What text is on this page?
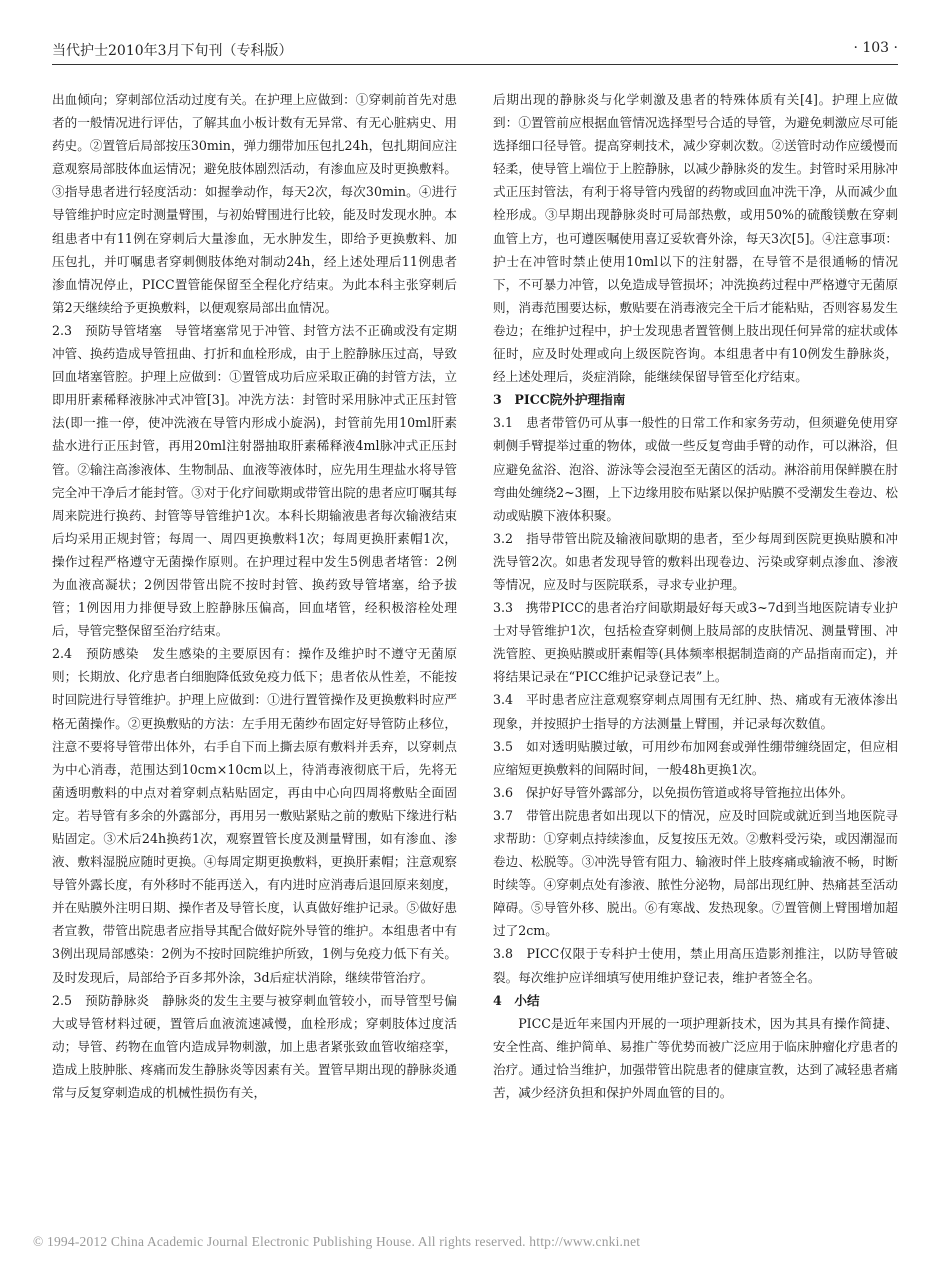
当代护士2010年3月下旬刊（专科版）	· 103 ·

出血倾向；穿刺部位活动过度有关。在护理上应做到：①穿刺前首先对患者的一般情况进行评估，了解其血小板计数有无异常、有无心脏病史、用药史。②置管后局部按压30min，弹力绷带加压包扎24h，包扎期间应注意观察局部肢体血运情况；避免肢体剧烈活动，有渗血应及时更换敷料。③指导患者进行轻度活动：如握拳动作，每天2次，每次30min。④进行导管维护时应定时测量臂围，与初始臂围进行比较，能及时发现水肿。本组患者中有11例在穿刺后大量渗血，无水肿发生，即给予更换敷料、加压包扎，并叮嘱患者穿刺侧肢体绝对制动24h，经上述处理后11例患者渗血情况停止，PICC置管能保留至全程化疗结束。为此本科主张穿刺后第2天继续给予更换敷料，以便观察局部出血情况。

2.3　预防导管堵塞　导管堵塞常见于冲管、封管方法不正确或没有定期冲管、换药造成导管扭曲、打折和血栓形成，由于上腔静脉压过高，导致回血堵塞管腔。护理上应做到：①置管成功后应采取正确的封管方法，立即用肝素稀释液脉冲式冲管[3]。冲洗方法：封管时采用脉冲式正压封管法(即一推一停，使冲洗液在导管内形成小旋涡)，封管前先用10ml肝素盐水进行正压封管，再用20ml注射器抽取肝素稀释液4ml脉冲式正压封管。②输注高渗液体、生物制品、血液等液体时，应先用生理盐水将导管完全冲干净后才能封管。③对于化疗间歇期或带管出院的患者应叮嘱其每周来院进行换药、封管等导管维护1次。本科长期输液患者每次输液结束后均采用正规封管；每周一、周四更换敷料1次；每周更换肝素帽1次，操作过程严格遵守无菌操作原则。在护理过程中发生5例患者堵管：2例为血液高凝状；2例因带管出院不按时封管、换药致导管堵塞，给予拔管；1例因用力排便导致上腔静脉压偏高，回血堵管，经积极溶栓处理后，导管完整保留至治疗结束。

2.4　预防感染　发生感染的主要原因有：操作及维护时不遵守无菌原则；长期放、化疗患者白细胞降低致免疫力低下；患者依从性差，不能按时回院进行导管维护。护理上应做到：①进行置管操作及更换敷料时应严格无菌操作。②更换敷贴的方法：左手用无菌纱布固定好导管防止移位，注意不要将导管带出体外，右手自下而上撕去原有敷料并丢弃，以穿刺点为中心消毒，范围达到10cm×10cm以上，待消毒液彻底干后，先将无菌透明敷料的中点对着穿刺点粘贴固定，再由中心向四周将敷贴全面固定。若导管有多余的外露部分，再用另一敷贴紧贴之前的敷贴下缘进行粘贴固定。③术后24h换药1次，观察置管长度及测量臂围，如有渗血、渗液、敷料湿脱应随时更换。④每周定期更换敷料，更换肝素帽；注意观察导管外露长度，有外移时不能再送入，有内进时应消毒后退回原来刻度，并在贴膜外注明日期、操作者及导管长度，认真做好维护记录。⑤做好患者宣教，带管出院患者应指导其配合做好院外导管的维护。本组患者中有3例出现局部感染：2例为不按时回院维护所致，1例与免疫力低下有关。及时发现后，局部给予百多邦外涂，3d后症状消除，继续带管治疗。

2.5　预防静脉炎　静脉炎的发生主要与被穿刺血管较小，而导管型号偏大或导管材料过硬，置管后血液流速减慢，血栓形成；穿刺肢体过度活动；导管、药物在血管内造成异物刺激，加上患者紧张致血管收缩痉挛，造成上肢肿胀、疼痛而发生静脉炎等因素有关。置管早期出现的静脉炎通常与反复穿刺造成的机械性损伤有关，

后期出现的静脉炎与化学刺激及患者的特殊体质有关[4]。护理上应做到：①置管前应根据血管情况选择型号合适的导管，为避免刺激应尽可能选择细口径导管。提高穿刺技术，减少穿刺次数。②送管时动作应缓慢而轻柔，使导管上端位于上腔静脉，以减少静脉炎的发生。封管时采用脉冲式正压封管法，有利于将导管内残留的药物或回血冲洗干净，从而减少血栓形成。③早期出现静脉炎时可局部热敷，或用50%的硫酸镁敷在穿刺血管上方，也可遵医嘱使用喜辽妥软膏外涂，每天3次[5]。④注意事项：护士在冲管时禁止使用10ml以下的注射器，在导管不是很通畅的情况下，不可暴力冲管，以免造成导管损坏；冲洗换药过程中严格遵守无菌原则，消毒范围要达标，敷贴要在消毒液完全干后才能粘贴，否则容易发生卷边；在维护过程中，护士发现患者置管侧上肢出现任何异常的症状或体征时，应及时处理或向上级医院咨询。本组患者中有10例发生静脉炎，经上述处理后，炎症消除，能继续保留导管至化疗结束。

3　PICC院外护理指南

3.1　患者带管仍可从事一般性的日常工作和家务劳动，但须避免使用穿刺侧手臂提举过重的物体，或做一些反复弯曲手臂的动作，可以淋浴，但应避免盆浴、泡浴、游泳等会浸泡至无菌区的活动。淋浴前用保鲜膜在肘弯曲处缠绕2~3圈，上下边缘用胶布贴紧以保护贴膜不受潮发生卷边、松动或贴膜下液体积聚。

3.2　指导带管出院及输液间歇期的患者，至少每周到医院更换贴膜和冲洗导管2次。如患者发现导管的敷料出现卷边、污染或穿刺点渗血、渗液等情况，应及时与医院联系，寻求专业护理。

3.3　携带PICC的患者治疗间歇期最好每天或3~7d到当地医院请专业护士对导管维护1次，包括检查穿刺侧上肢局部的皮肤情况、测量臂围、冲洗管腔、更换贴膜或肝素帽等(具体频率根据制造商的产品指南而定)，并将结果记录在“PICC维护记录登记表”上。

3.4　平时患者应注意观察穿刺点周围有无红肿、热、痛或有无液体渗出现象，并按照护士指导的方法测量上臂围，并记录每次数值。

3.5　如对透明贴膜过敏，可用纱布加网套或弹性绷带缠绕固定，但应相应缩短更换敷料的间隔时间，一般48h更换1次。

3.6　保护好导管外露部分，以免损伤管道或将导管拖拉出体外。

3.7　带管出院患者如出现以下的情况，应及时回院或就近到当地医院寻求帮助：①穿刺点持续渗血，反复按压无效。②敷料受污染，或因潮湿而卷边、松脱等。③冲洗导管有阻力、输液时伴上肢疼痛或输液不畅，时断时续等。④穿刺点处有渗液、脓性分泌物，局部出现红肿、热痛甚至活动障碍。⑤导管外移、脱出。⑥有寒战、发热现象。⑦置管侧上臂围增加超过了2cm。

3.8　PICC仅限于专科护士使用，禁止用高压造影剂推注，以防导管破裂。每次维护应详细填写使用维护登记表，维护者签全名。

4　小结

PICC是近年来国内开展的一项护理新技术，因为其具有操作简捷、安全性高、维护简单、易推广等优势而被广泛应用于临床肿瘤化疗患者的治疗。通过恰当维护，加强带管出院患者的健康宣教，达到了减轻患者痛苦，减少经济负担和保护外周血管的目的。

© 1994-2012 China Academic Journal Electronic Publishing House. All rights reserved. http://www.cnki.net
